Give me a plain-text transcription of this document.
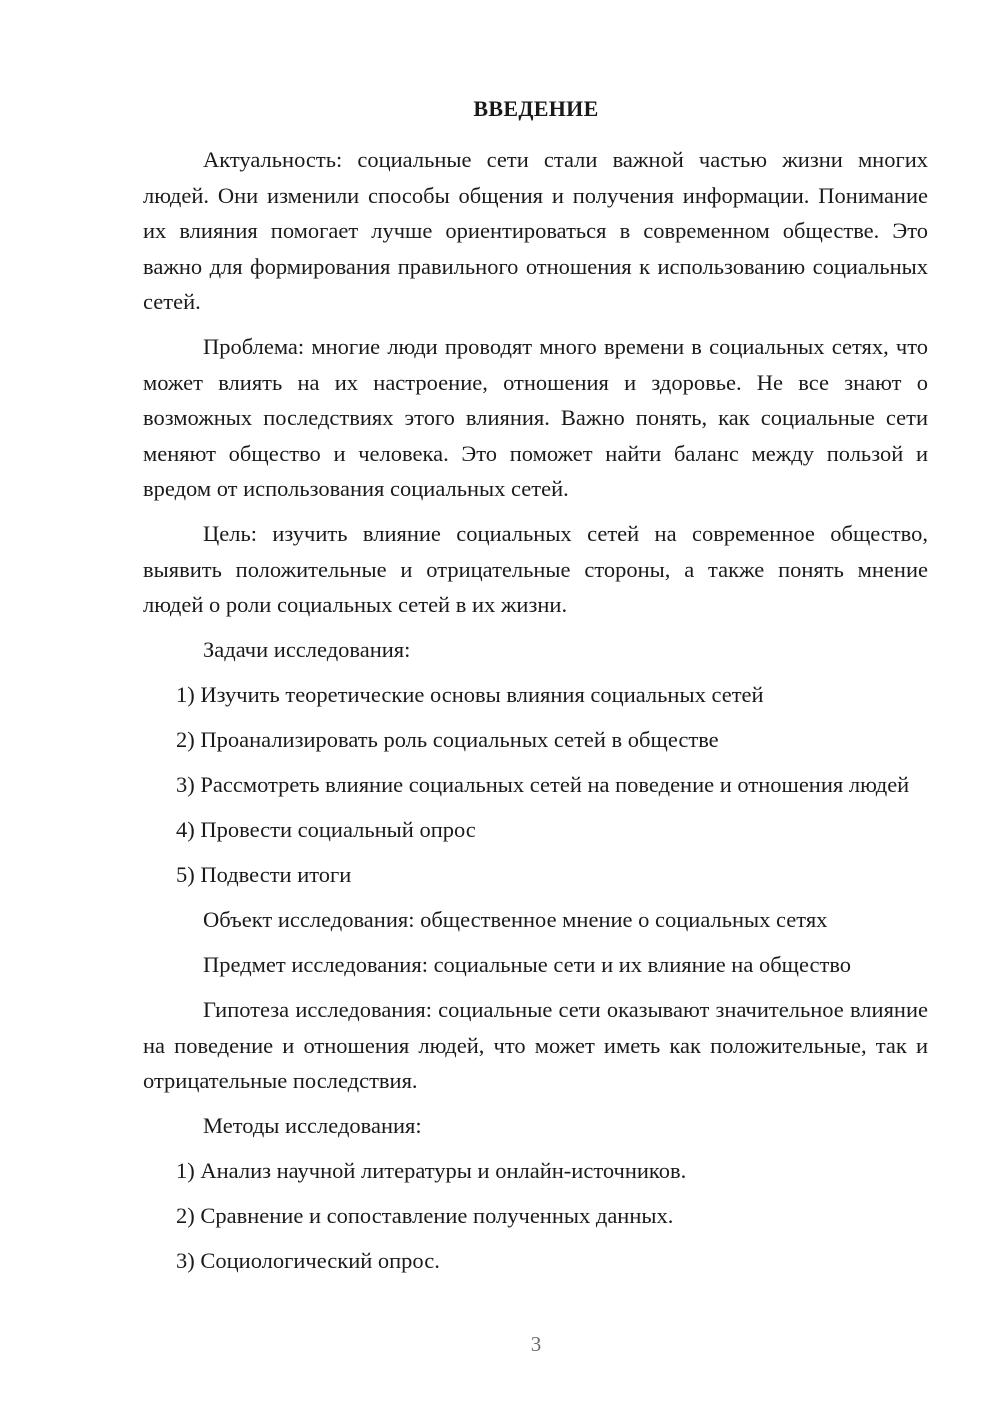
ВВЕДЕНИЕ

Актуальность: социальные сети стали важной частью жизни многих людей. Они изменили способы общения и получения информации. Понимание их влияния помогает лучше ориентироваться в современном обществе. Это важно для формирования правильного отношения к использованию социальных сетей.

Проблема: многие люди проводят много времени в социальных сетях, что может влиять на их настроение, отношения и здоровье. Не все знают о возможных последствиях этого влияния. Важно понять, как социальные сети меняют общество и человека. Это поможет найти баланс между пользой и вредом от использования социальных сетей.

Цель: изучить влияние социальных сетей на современное общество, выявить положительные и отрицательные стороны, а также понять мнение людей о роли социальных сетей в их жизни.

Задачи исследования:

1) Изучить теоретические основы влияния социальных сетей

2) Проанализировать роль социальных сетей в обществе

3) Рассмотреть влияние социальных сетей на поведение и отношения людей

4) Провести социальный опрос

5) Подвести итоги

Объект исследования: общественное мнение о социальных сетях

Предмет исследования: социальные сети и их влияние на общество

Гипотеза исследования: социальные сети оказывают значительное влияние на поведение и отношения людей, что может иметь как положительные, так и отрицательные последствия.

Методы исследования:

1) Анализ научной литературы и онлайн-источников.

2) Сравнение и сопоставление полученных данных.

3) Социологический опрос.

3
